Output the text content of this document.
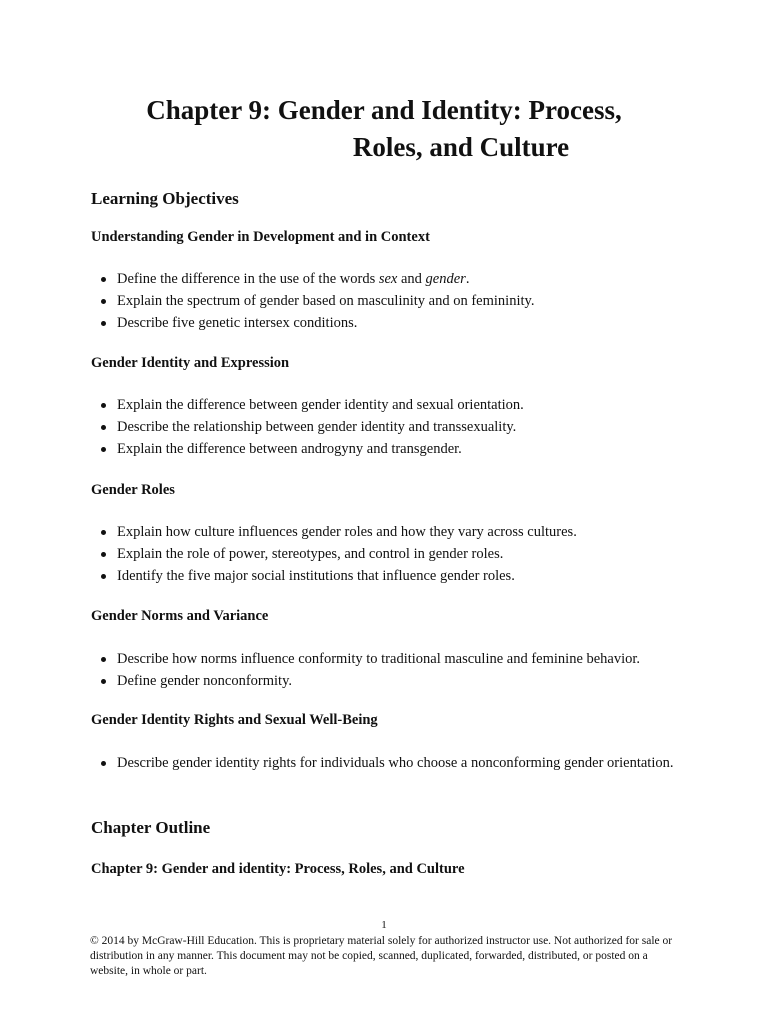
Chapter 9: Gender and Identity: Process,
Roles, and Culture
Learning Objectives
Understanding Gender in Development and in Context
Define the difference in the use of the words sex and gender.
Explain the spectrum of gender based on masculinity and on femininity.
Describe five genetic intersex conditions.
Gender Identity and Expression
Explain the difference between gender identity and sexual orientation.
Describe the relationship between gender identity and transsexuality.
Explain the difference between androgyny and transgender.
Gender Roles
Explain how culture influences gender roles and how they vary across cultures.
Explain the role of power, stereotypes, and control in gender roles.
Identify the five major social institutions that influence gender roles.
Gender Norms and Variance
Describe how norms influence conformity to traditional masculine and feminine behavior.
Define gender nonconformity.
Gender Identity Rights and Sexual Well-Being
Describe gender identity rights for individuals who choose a nonconforming gender orientation.
Chapter Outline
Chapter 9: Gender and identity: Process, Roles, and Culture
1

© 2014 by McGraw-Hill Education. This is proprietary material solely for authorized instructor use. Not authorized for sale or distribution in any manner. This document may not be copied, scanned, duplicated, forwarded, distributed, or posted on a website, in whole or part.
